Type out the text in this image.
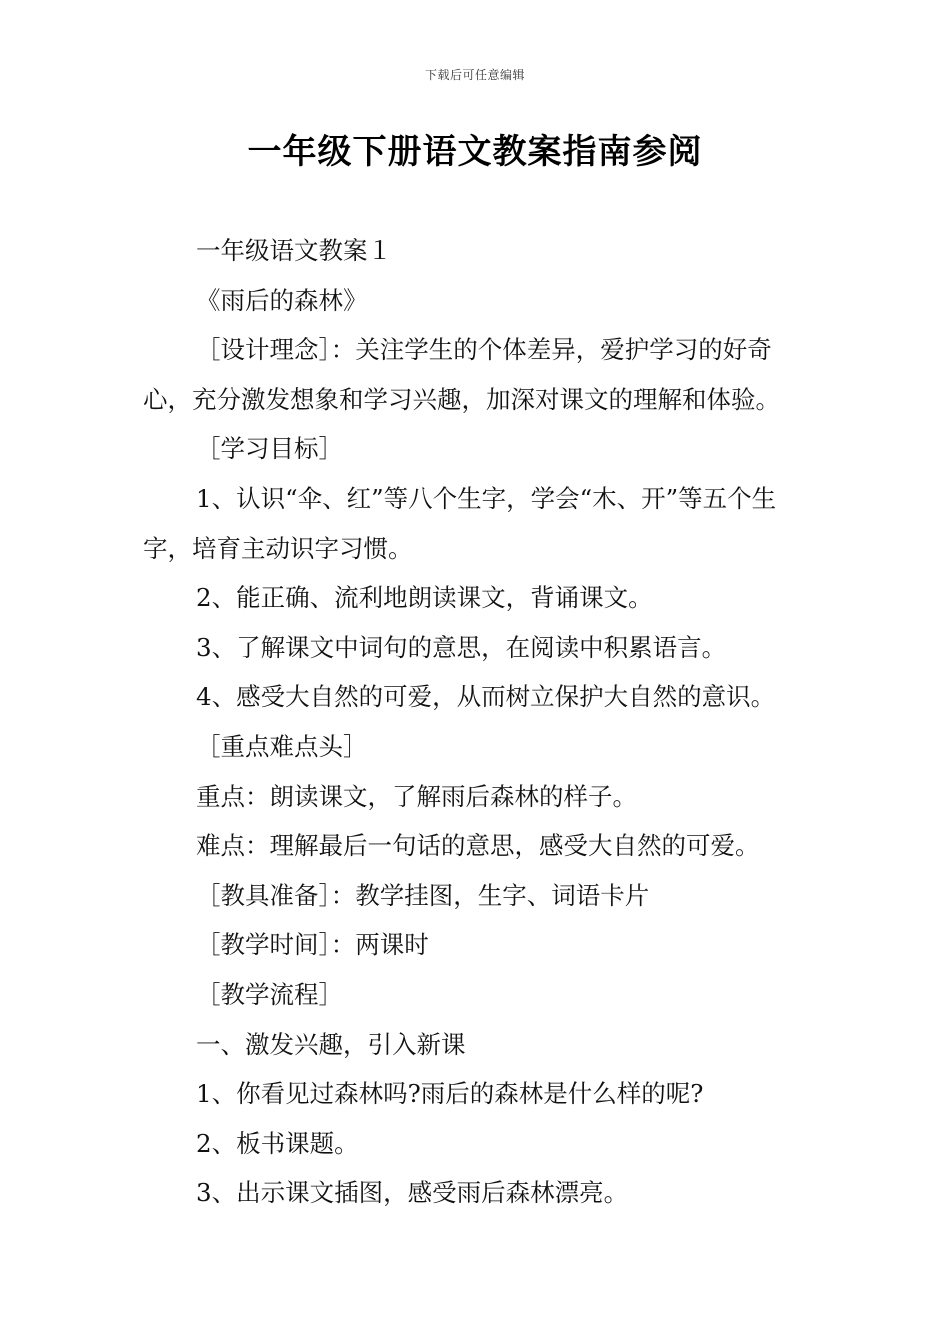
下载后可任意编辑
一年级下册语文教案指南参阅

一年级语文教案１

《雨后的森林》

［设计理念］：关注学生的个体差异，爱护学习的好奇心，充分激发想象和学习兴趣，加深对课文的理解和体验。

［学习目标］

1、认识“伞、红”等八个生字，学会“木、开”等五个生字，培育主动识字习惯。

2、能正确、流利地朗读课文，背诵课文。

3、了解课文中词句的意思，在阅读中积累语言。

4、感受大自然的可爱，从而树立保护大自然的意识。

［重点难点头］

重点：朗读课文，了解雨后森林的样子。

难点：理解最后一句话的意思，感受大自然的可爱。

［教具准备］：教学挂图，生字、词语卡片

［教学时间］：两课时

［教学流程］

一、激发兴趣，引入新课

1、你看见过森林吗?雨后的森林是什么样的呢?

2、板书课题。

3、出示课文插图，感受雨后森林漂亮。
